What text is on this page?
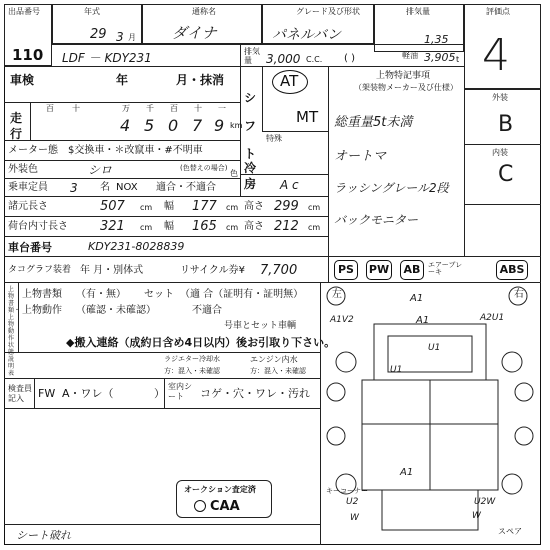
出品番号
110
年式
29 3 月
通称名
ダイナ
グレード及び形状
パネルバン
排気量
1,35
評価点
4
LDF － KDY231	排気
量 3,000 C.C. ( )	軽油 3,905 t
車検	年	月・抹消
シフト
AT
MT
特殊
冷房 A c
上物特記事項
（架装物メーカー及び仕様）
総重量5t未満
オートマ
ラッシングレール2段
バックモニター
外装
B
内装
C
走行
百 十	万 千 百 十 一
4 5 0 7 9 km
メーター態 $交換車・＊改竄車・#不明車
外装色	シロ	(色替えの場合)
色
乗車定員 3 名 NOX 適合・不適合
諸元長さ	507 cm 幅 177 cm 高さ 299 cm
荷台内寸長さ 321 cm 幅 165 cm 高さ 212 cm
車台番号	KDY231-8028839
タコグラフ装着 年 月・別体式	リサイクル券¥ 7,700	PS	PW	AB	エアーブレーキ	ABS
上物書類・上物動作状態説明表
上物書類 （有・無） セット （適 合（証明有・証明無）
上物動作 （確認・未確認）	不適合
号車とセット車輌
◆搬入連絡（成約日含め4日以内）後お引取り下さい。
ラジエター冷却水	エンジン内水
方：混入・未確認	方：混入・未確認
検査員記入	FW A・ワレ（	）
室内シート	コゲ・穴・ワレ・汚れ
左	右
A1
A1
A1V2	A2U1
U1
U1
A1
U2	U2W
W	W
キーコーナー
スペア
オークション査定済
CAA
シート破れ
